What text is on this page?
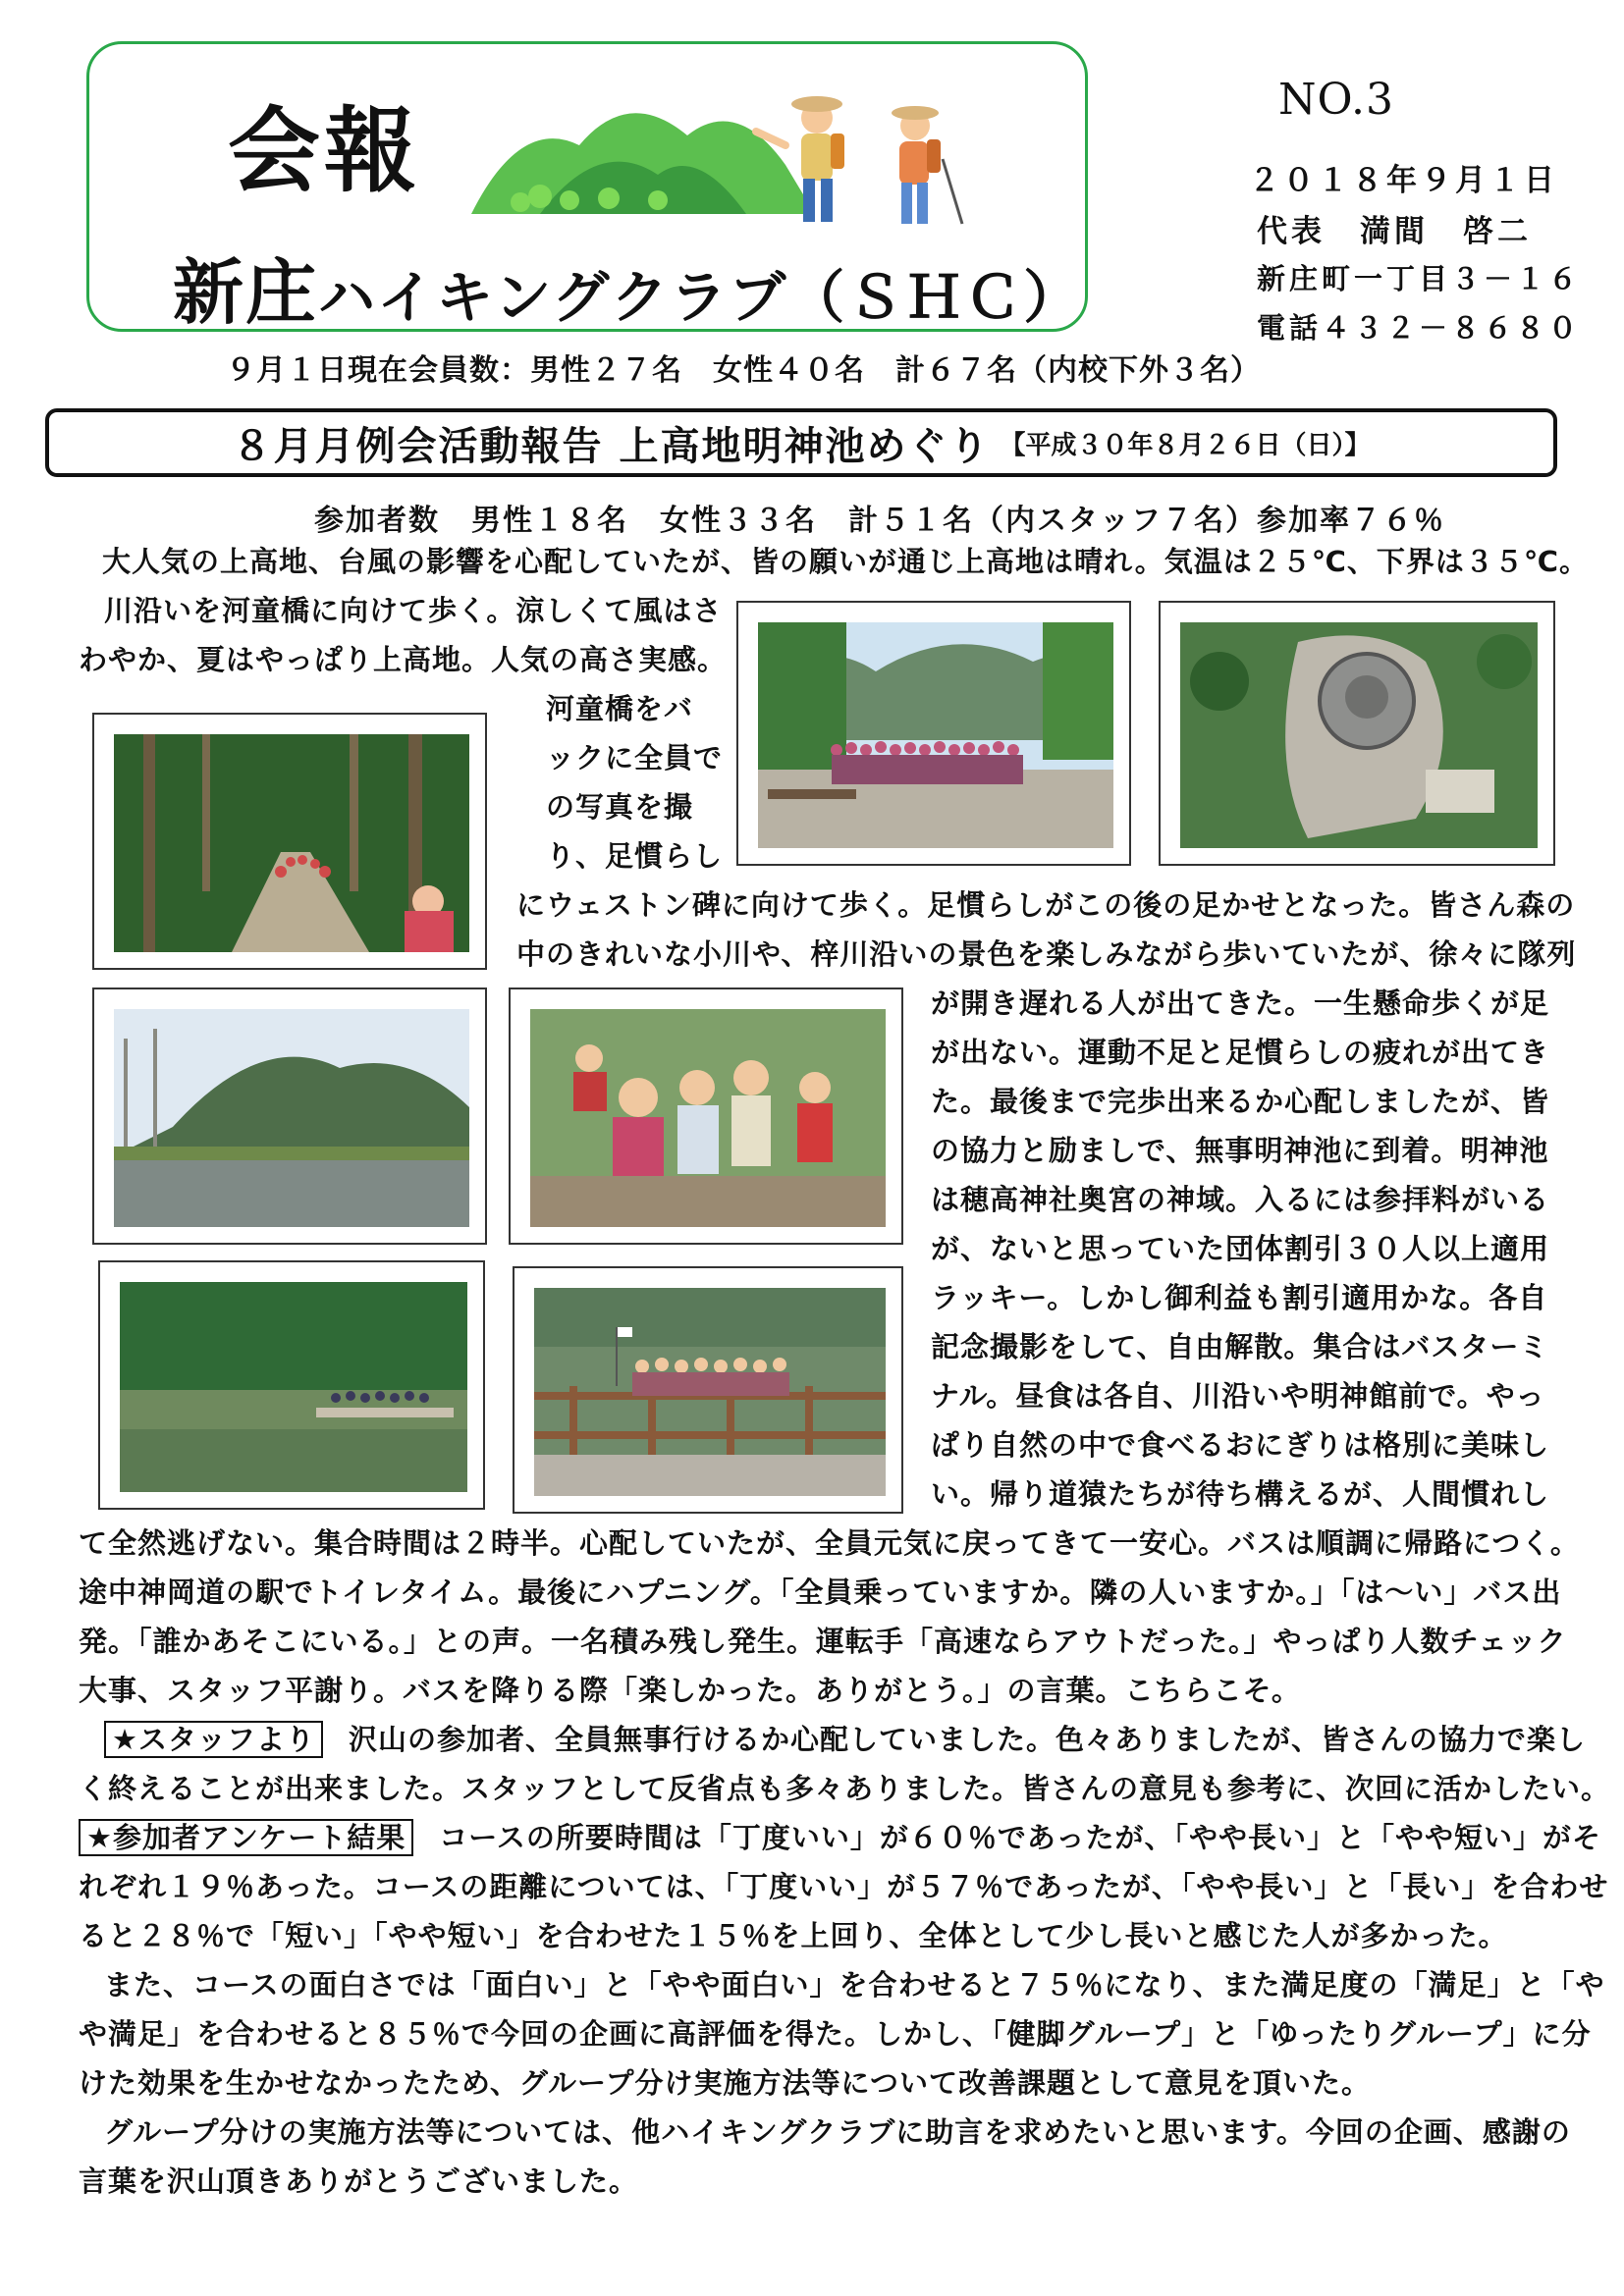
会報
新庄ハイキングクラブ（ＳＨＣ）
NO.3
２０１８年９月１日
代表　満間　啓二
新庄町一丁目３－１６
電話４３２－８６８０
９月１日現在会員数：男性２７名　女性４０名　計６７名（内校下外３名）
８月月例会活動報告 上高地明神池めぐり 【平成３０年８月２６日（日）】
参加者数　男性１８名　女性３３名　計５１名（内スタッフ７名）参加率７６％
大人気の上高地、台風の影響を心配していたが、皆の願いが通じ上高地は晴れ。気温は２５℃、下界は３５℃。
川沿いを河童橋に向けて歩く。涼しくて風はさ
わやか、夏はやっぱり上高地。人気の高さ実感。
河童橋をバ
ックに全員で
の写真を撮
り、足慣らし
にウェストン碑に向けて歩く。足慣らしがこの後の足かせとなった。皆さん森の
中のきれいな小川や、梓川沿いの景色を楽しみながら歩いていたが、徐々に隊列
が開き遅れる人が出てきた。一生懸命歩くが足
が出ない。運動不足と足慣らしの疲れが出てき
た。最後まで完歩出来るか心配しましたが、皆
の協力と励ましで、無事明神池に到着。明神池
は穂高神社奥宮の神域。入るには参拝料がいる
が、ないと思っていた団体割引３０人以上適用
ラッキー。しかし御利益も割引適用かな。各自
記念撮影をして、自由解散。集合はバスターミ
ナル。昼食は各自、川沿いや明神館前で。やっ
ぱり自然の中で食べるおにぎりは格別に美味し
い。帰り道猿たちが待ち構えるが、人間慣れし
て全然逃げない。集合時間は２時半。心配していたが、全員元気に戻ってきて一安心。バスは順調に帰路につく。
途中神岡道の駅でトイレタイム。最後にハプニング。「全員乗っていますか。隣の人いますか。」「は～い」バス出
発。「誰かあそこにいる。」との声。一名積み残し発生。運転手「高速ならアウトだった。」やっぱり人数チェック
大事、スタッフ平謝り。バスを降りる際「楽しかった。ありがとう。」の言葉。こちらこそ。
★スタッフより 沢山の参加者、全員無事行けるか心配していました。色々ありましたが、皆さんの協力で楽し
く終えることが出来ました。スタッフとして反省点も多々ありました。皆さんの意見も参考に、次回に活かしたい。
★参加者アンケート結果 コースの所要時間は「丁度いい」が６０％であったが、「やや長い」と「やや短い」がそ
れぞれ１９％あった。コースの距離については、「丁度いい」が５７％であったが、「やや長い」と「長い」を合わせ
ると２８％で「短い」「やや短い」を合わせた１５％を上回り、全体として少し長いと感じた人が多かった。
また、コースの面白さでは「面白い」と「やや面白い」を合わせると７５％になり、また満足度の「満足」と「や
や満足」を合わせると８５％で今回の企画に高評価を得た。しかし、「健脚グループ」と「ゆったりグループ」に分
けた効果を生かせなかったため、グループ分け実施方法等について改善課題として意見を頂いた。
グループ分けの実施方法等については、他ハイキングクラブに助言を求めたいと思います。今回の企画、感謝の
言葉を沢山頂きありがとうございました。
